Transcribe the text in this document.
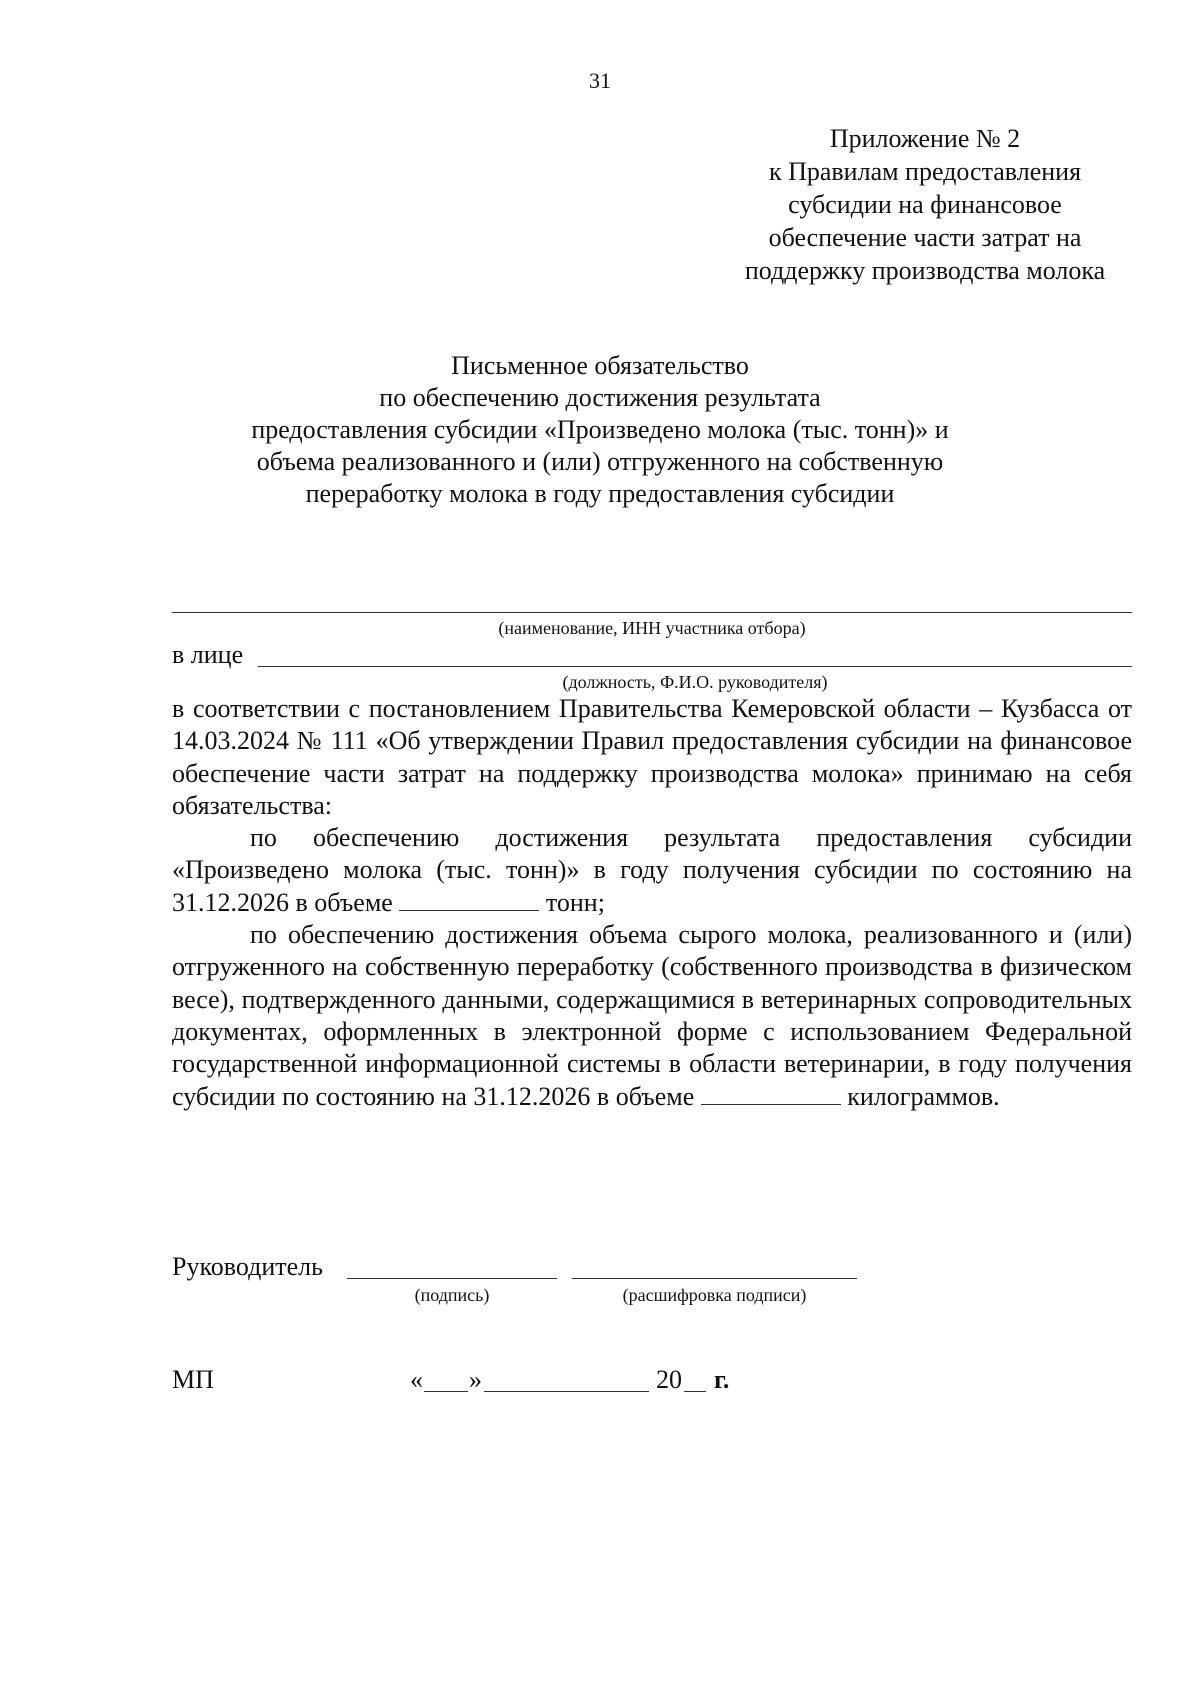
31
Приложение № 2
к Правилам предоставления
субсидии на финансовое
обеспечение части затрат на
поддержку производства молока
Письменное обязательство
по обеспечению достижения результата
предоставления субсидии «Произведено молока (тыс. тонн)» и
объема реализованного и (или) отгруженного на собственную
переработку молока в году предоставления субсидии
(наименование, ИНН участника отбора)
в лице
(должность, Ф.И.О. руководителя)

в соответствии с постановлением Правительства Кемеровской области – Кузбасса от 14.03.2024 № 111 «Об утверждении Правил предоставления субсидии на финансовое обеспечение части затрат на поддержку производства молока» принимаю на себя обязательства:

по обеспечению достижения результата предоставления субсидии «Произведено молока (тыс. тонн)» в году получения субсидии по состоянию на 31.12.2026 в объеме	тонн;

по обеспечению достижения объема сырого молока, реализованного и (или) отгруженного на собственную переработку (собственного производства в физическом весе), подтвержденного данными, содержащимися в ветеринарных сопроводительных документах, оформленных в электронной форме с использованием Федеральной государственной информационной системы в области ветеринарии, в году получения субсидии по состоянию на 31.12.2026 в объеме	килограммов.

Руководитель
(подпись)	(расшифровка подписи)
МП	« »	20 г.
